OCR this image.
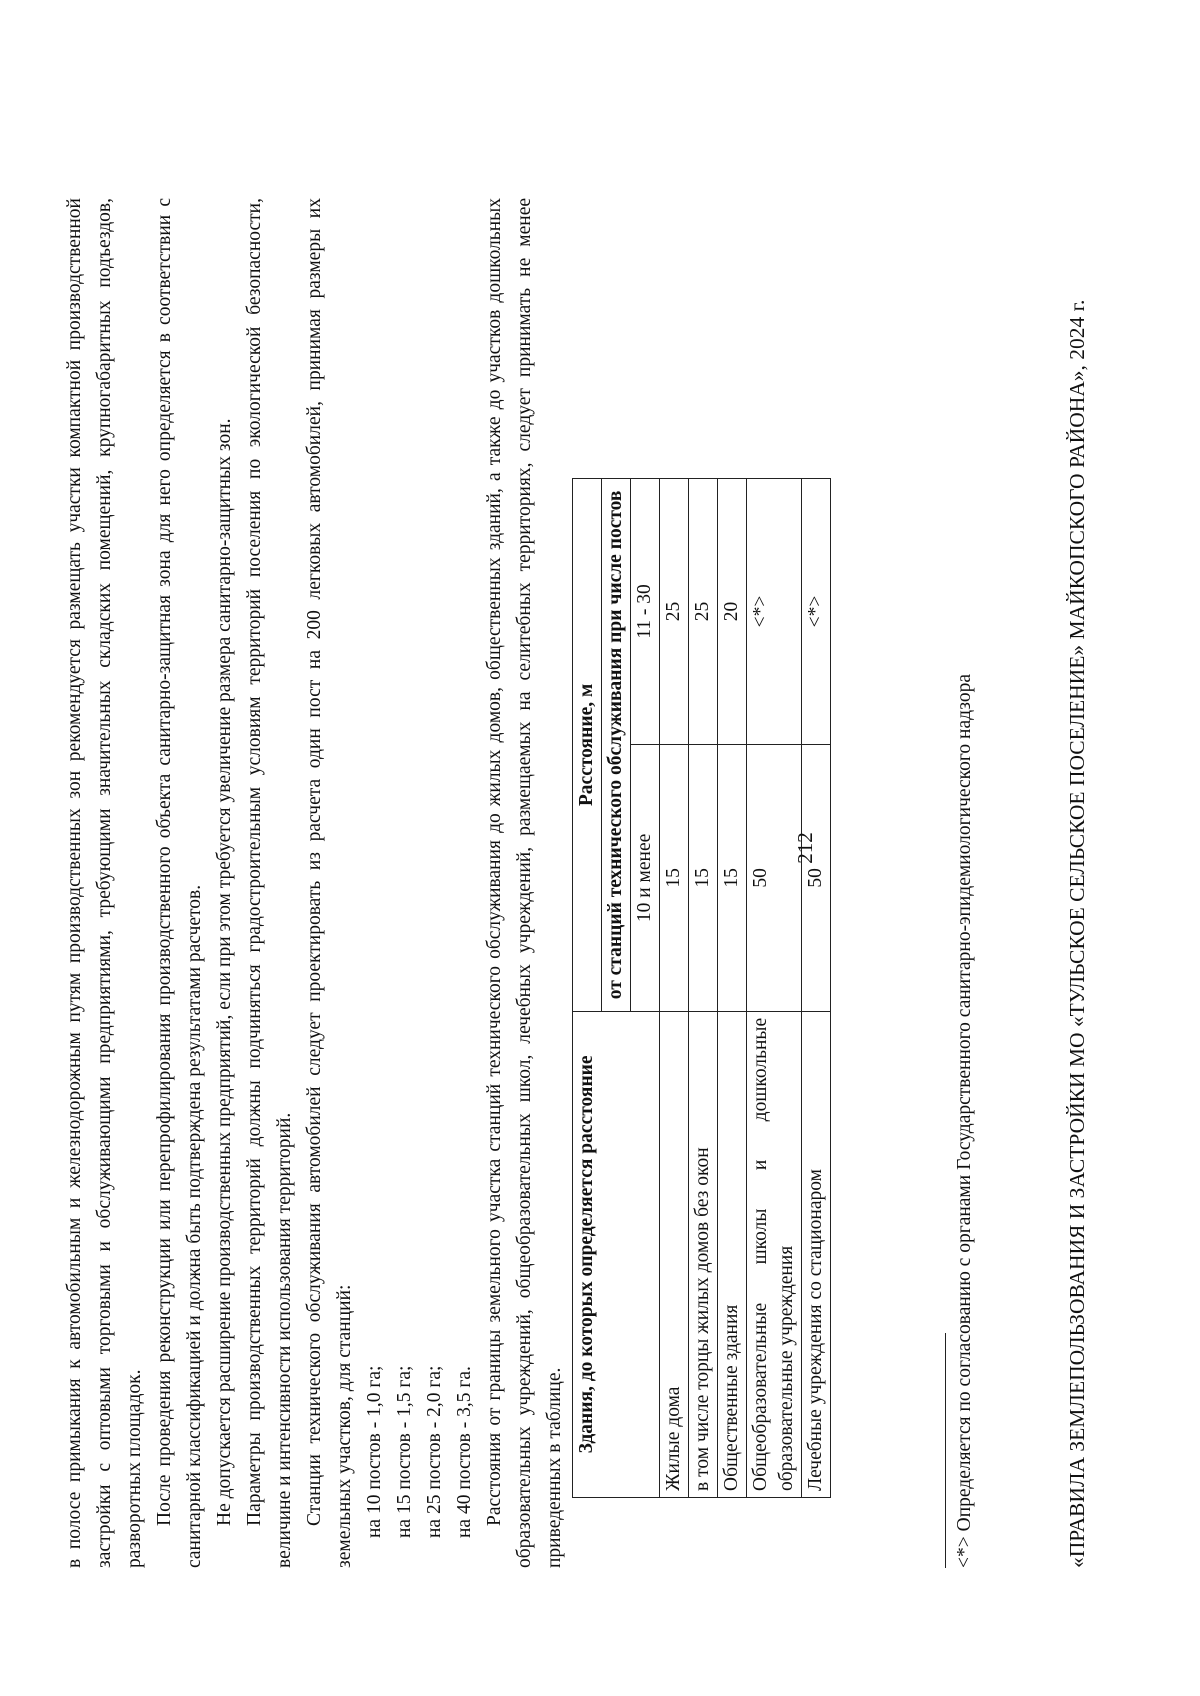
в полосе примыкания к автомобильным и железнодорожным путям производственных зон рекомендуется размещать участки компактной производственной застройки с оптовыми торговыми и обслуживающими предприятиями, требующими значительных складских помещений, крупногабаритных подъездов, разворотных площадок. После проведения реконструкции или перепрофилирования производственного объекта санитарно-защитная зона для него определяется в соответствии с санитарной классификацией и должна быть подтверждена результатами расчетов. Не допускается расширение производственных предприятий, если при этом требуется увеличение размера санитарно-защитных зон. Параметры производственных территорий должны подчиняться градостроительным условиям территорий поселения по экологической безопасности, величине и интенсивности использования территорий. Станции технического обслуживания автомобилей следует проектировать из расчета один пост на 200 легковых автомобилей, принимая размеры их земельных участков, для станций: на 10 постов - 1,0 га; на 15 постов - 1,5 га; на 25 постов - 2,0 га; на 40 постов - 3,5 га. Расстояния от границы земельного участка станций технического обслуживания до жилых домов, общественных зданий, а также до участков дошкольных образовательных учреждений, общеобразовательных школ, лечебных учреждений, размещаемых на селитебных территориях, следует принимать не менее приведенных в таблице.

Здания, до которых определяется расстояние	Расстояние, м	
	от станций технического обслуживания при числе постов	
	10 и менее	11 - 30
Жилые дома	15	25
в том числе торцы жилых домов без окон	15	25
Общественные здания	15	20
Общеобразовательные школы и дошкольные образовательные учреждения	50	<*>
Лечебные учреждения со стационаром	50	<*>
212	<*> Определяется по согласованию с органами Государственного санитарно-эпидемиологического надзора	«ПРАВИЛА ЗЕМЛЕПОЛЬЗОВАНИЯ И ЗАСТРОЙКИ МО «ТУЛЬСКОЕ СЕЛЬСКОЕ ПОСЕЛЕНИЕ» МАЙКОПСКОГО РАЙОНА», 2024 г.
